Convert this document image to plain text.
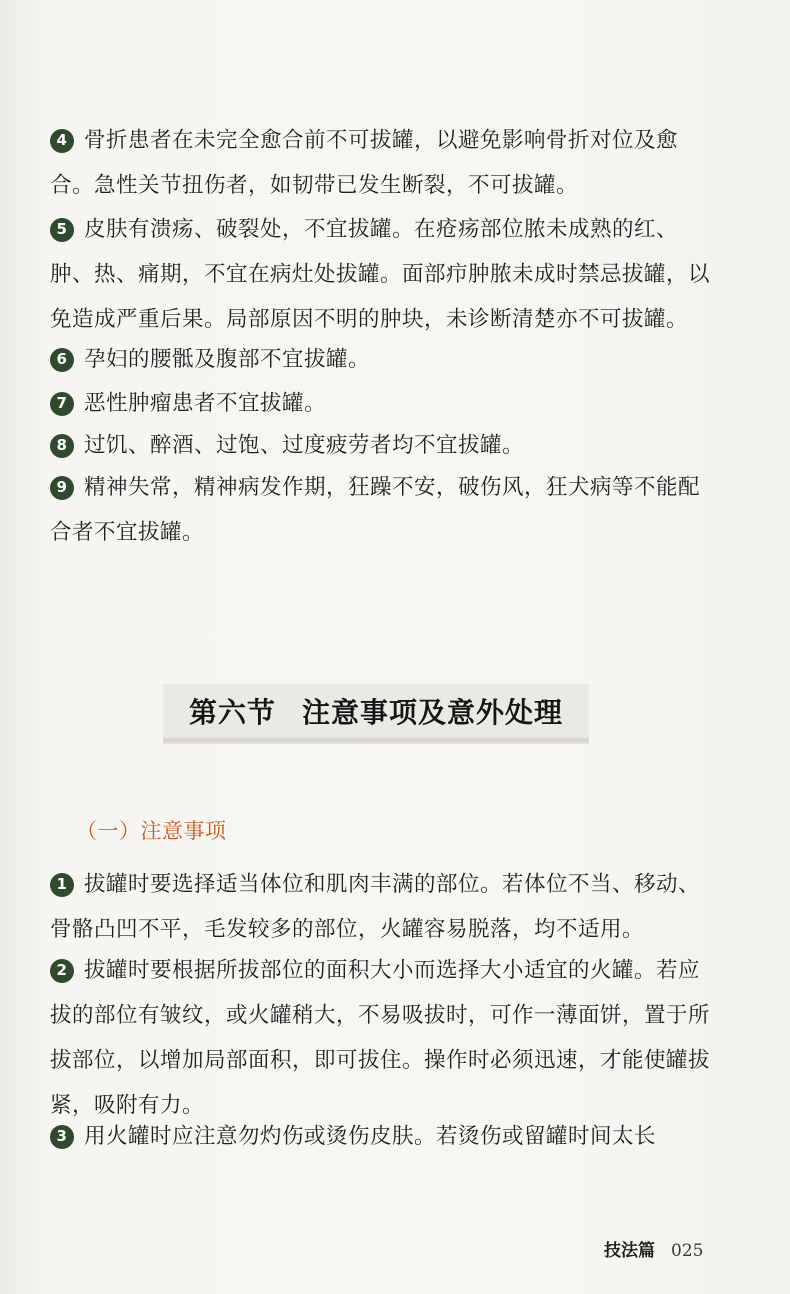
4 骨折患者在未完全愈合前不可拔罐，以避免影响骨折对位及愈合。急性关节扭伤者，如韧带已发生断裂，不可拔罐。

5 皮肤有溃疡、破裂处，不宜拔罐。在疮疡部位脓未成熟的红、肿、热、痛期，不宜在病灶处拔罐。面部疖肿脓未成时禁忌拔罐，以免造成严重后果。局部原因不明的肿块，未诊断清楚亦不可拔罐。

6 孕妇的腰骶及腹部不宜拔罐。

7 恶性肿瘤患者不宜拔罐。

8 过饥、醉酒、过饱、过度疲劳者均不宜拔罐。

9 精神失常，精神病发作期，狂躁不安，破伤风，狂犬病等不能配合者不宜拔罐。

第六节 注意事项及意外处理
（一）注意事项

1 拔罐时要选择适当体位和肌肉丰满的部位。若体位不当、移动、骨骼凸凹不平，毛发较多的部位，火罐容易脱落，均不适用。

2 拔罐时要根据所拔部位的面积大小而选择大小适宜的火罐。若应拔的部位有皱纹，或火罐稍大，不易吸拔时，可作一薄面饼，置于所拔部位，以增加局部面积，即可拔住。操作时必须迅速，才能使罐拔紧，吸附有力。

3 用火罐时应注意勿灼伤或烫伤皮肤。若烫伤或留罐时间太长

技法篇 025
